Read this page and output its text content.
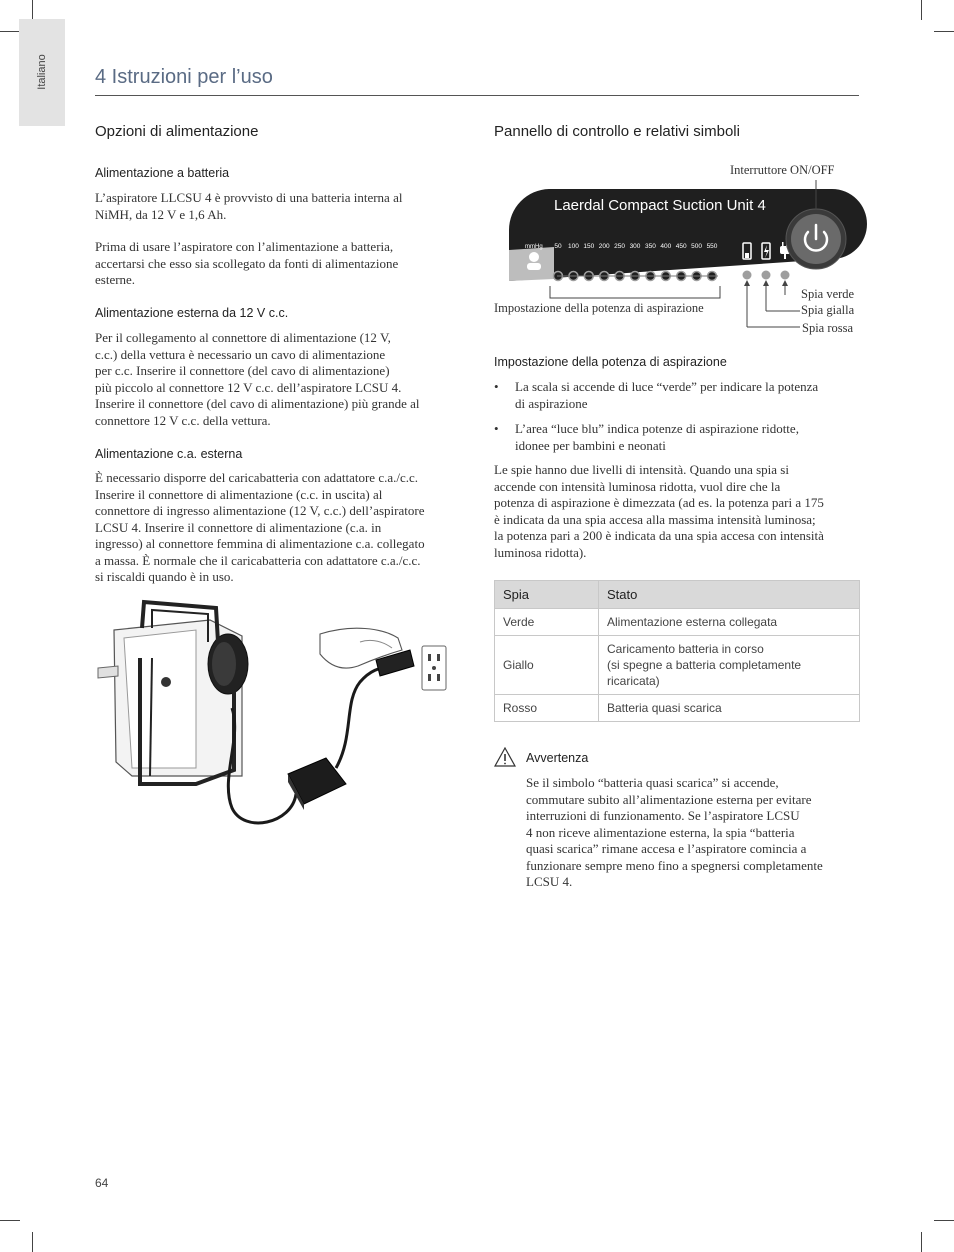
Italiano 4 Istruzioni per l’uso
Opzioni di alimentazione
Alimentazione a batteria
L’aspiratore LLCSU 4 è provvisto di una batteria interna al
NiMH, da 12 V e 1,6 Ah.
Prima di usare l’aspiratore con l’alimentazione a batteria,
accertarsi che esso sia scollegato da fonti di alimentazione
esterne.
Alimentazione esterna da 12 V c.c.
Per il collegamento al connettore di alimentazione (12 V,
c.c.) della vettura è necessario un cavo di alimentazione
per c.c. Inserire il connettore (del cavo di alimentazione)
più piccolo al connettore 12 V c.c. dell’aspiratore LCSU 4.
Inserire il connettore (del cavo di alimentazione) più grande al
connettore 12 V c.c. della vettura.
Alimentazione c.a. esterna
È necessario disporre del caricabatteria con adattatore c.a./c.c.
Inserire il connettore di alimentazione (c.c. in uscita) al
connettore di ingresso alimentazione (12 V, c.c.) dell’aspiratore
LCSU 4. Inserire il connettore di alimentazione (c.a. in
ingresso) al connettore femmina di alimentazione c.a. collegato
a massa. È normale che il caricabatteria con adattatore c.a./c.c.
si riscaldi quando è in uso.
Pannello di controllo e relativi simboli
Interruttore ON/OFF
Laerdal Compact Suction Unit 4
mmHg 50 100 150 200 250 300 350 400 450 500 550
Impostazione della potenza di aspirazione
Spia verde
Spia gialla
Spia rossa
Impostazione della potenza di aspirazione
• La scala si accende di luce “verde” per indicare la potenza
di aspirazione
• L’area “luce blu” indica potenze di aspirazione ridotte,
idonee per bambini e neonati
Le spie hanno due livelli di intensità. Quando una spia si
accende con intensità luminosa ridotta, vuol dire che la
potenza di aspirazione è dimezzata (ad es. la potenza pari a 175
è indicata da una spia accesa alla massima intensità luminosa;
la potenza pari a 200 è indicata da una spia accesa con intensità
luminosa ridotta).
Spia	Stato
Verde	Alimentazione esterna collegata

Giallo	Caricamento batteria in corso
(si spegne a batteria completamente
ricaricata)

Rosso	Batteria quasi scarica
Avvertenza
Se il simbolo “batteria quasi scarica” si accende,
commutare subito all’alimentazione esterna per evitare
interruzioni di funzionamento. Se l’aspiratore LCSU
4 non riceve alimentazione esterna, la spia “batteria
quasi scarica” rimane accesa e l’aspiratore comincia a
funzionare sempre meno fino a spegnersi completamente
LCSU 4.
64
